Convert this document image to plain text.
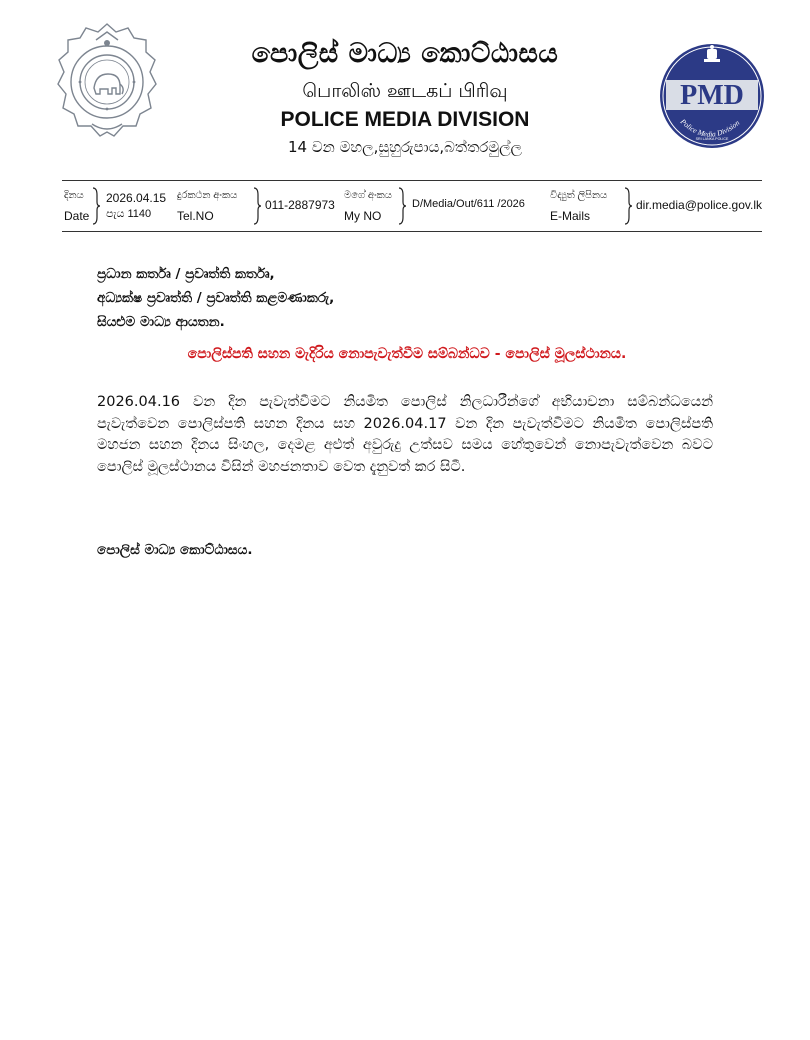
පොලිස් මාධ්‍ය කොට්ඨාසය
பொலிஸ் ஊடகப் பிரிவு
POLICE MEDIA DIVISION
14 වන මහල,සුහුරුපාය,බත්තරමුල්ල
PMD
Police Media Division
SRI LANKA POLICE
දිනය
Date
2026.04.15
පැය 1140
දුරකථන අංකය
Tel.NO
011-2887973
මගේ අංකය
My NO
D/Media/Out/611 /2026
විද්‍යුත් ලිපිනය
E-Mails
dir.media@police.gov.lk
ප්‍රධාන කර්තෘ / ප්‍රවෘත්ති කර්තෘ,
අධ්‍යක්ෂ ප්‍රවෘත්ති / ප්‍රවෘත්ති කළමණාකරු,
සියළුම මාධ්‍ය ආයතන.
පොලිස්පති සහන මැදිරිය නොපැවැත්වීම සම්බන්ධව - පොලිස් මූලස්ථානය.
2026.04.16 වන දින පැවැත්වීමට නියමිත පොලිස් නිලධාරීන්ගේ අභියාචනා සම්බන්ධයෙන් පැවැත්වෙන පොලිස්පති සහන දිනය සහ 2026.04.17 වන දින පැවැත්වීමට නියමිත පොලිස්පති මහජන සහන දිනය සිංහල, දෙමළ අළුත් අවුරුදු උත්සව සමය හේතුවෙන් නොපැවැත්වෙන බවට පොලිස් මූලස්ථානය විසින් මහජනතාව වෙත දැනුවත් කර සිටී.
පොලිස් මාධ්‍ය කොට්ඨාසය.
